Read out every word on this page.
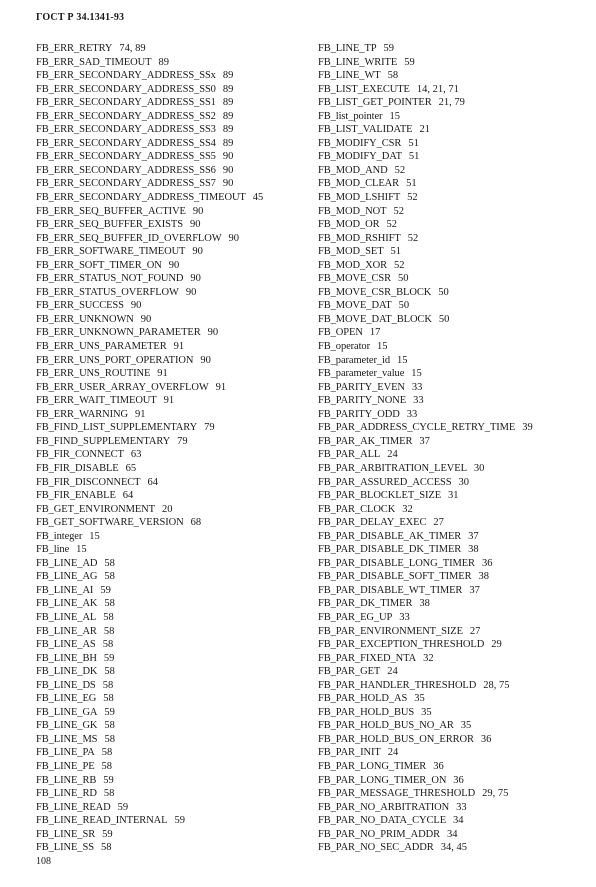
ГОСТ Р 34.1341-93
FB_ERR_RETRY 74, 89
FB_ERR_SAD_TIMEOUT 89
FB_ERR_SECONDARY_ADDRESS_SSx 89
FB_ERR_SECONDARY_ADDRESS_SS0 89
FB_ERR_SECONDARY_ADDRESS_SS1 89
FB_ERR_SECONDARY_ADDRESS_SS2 89
FB_ERR_SECONDARY_ADDRESS_SS3 89
FB_ERR_SECONDARY_ADDRESS_SS4 89
FB_ERR_SECONDARY_ADDRESS_SS5 90
FB_ERR_SECONDARY_ADDRESS_SS6 90
FB_ERR_SECONDARY_ADDRESS_SS7 90
FB_ERR_SECONDARY_ADDRESS_TIMEOUT 45
FB_ERR_SEQ_BUFFER_ACTIVE 90
FB_ERR_SEQ_BUFFER_EXISTS 90
FB_ERR_SEQ_BUFFER_ID_OVERFLOW 90
FB_ERR_SOFTWARE_TIMEOUT 90
FB_ERR_SOFT_TIMER_ON 90
FB_ERR_STATUS_NOT_FOUND 90
FB_ERR_STATUS_OVERFLOW 90
FB_ERR_SUCCESS 90
FB_ERR_UNKNOWN 90
FB_ERR_UNKNOWN_PARAMETER 90
FB_ERR_UNS_PARAMETER 91
FB_ERR_UNS_PORT_OPERATION 90
FB_ERR_UNS_ROUTINE 91
FB_ERR_USER_ARRAY_OVERFLOW 91
FB_ERR_WAIT_TIMEOUT 91
FB_ERR_WARNING 91
FB_FIND_LIST_SUPPLEMENTARY 79
FB_FIND_SUPPLEMENTARY 79
FB_FIR_CONNECT 63
FB_FIR_DISABLE 65
FB_FIR_DISCONNECT 64
FB_FIR_ENABLE 64
FB_GET_ENVIRONMENT 20
FB_GET_SOFTWARE_VERSION 68
FB_integer 15
FB_line 15
FB_LINE_AD 58
FB_LINE_AG 58
FB_LINE_AI 59
FB_LINE_AK 58
FB_LINE_AL 58
FB_LINE_AR 58
FB_LINE_AS 58
FB_LINE_BH 59
FB_LINE_DK 58
FB_LINE_DS 58
FB_LINE_EG 58
FB_LINE_GA 59
FB_LINE_GK 58
FB_LINE_MS 58
FB_LINE_PA 58
FB_LINE_PE 58
FB_LINE_RB 59
FB_LINE_RD 58
FB_LINE_READ 59
FB_LINE_READ_INTERNAL 59
FB_LINE_SR 59
FB_LINE_SS 58
FB_LINE_TP 59
FB_LINE_WRITE 59
FB_LINE_WT 58
FB_LIST_EXECUTE 14, 21, 71
FB_LIST_GET_POINTER 21, 79
FB_list_pointer 15
FB_LIST_VALIDATE 21
FB_MODIFY_CSR 51
FB_MODIFY_DAT 51
FB_MOD_AND 52
FB_MOD_CLEAR 51
FB_MOD_LSHIFT 52
FB_MOD_NOT 52
FB_MOD_OR 52
FB_MOD_RSHIFT 52
FB_MOD_SET 51
FB_MOD_XOR 52
FB_MOVE_CSR 50
FB_MOVE_CSR_BLOCK 50
FB_MOVE_DAT 50
FB_MOVE_DAT_BLOCK 50
FB_OPEN 17
FB_operator 15
FB_parameter_id 15
FB_parameter_value 15
FB_PARITY_EVEN 33
FB_PARITY_NONE 33
FB_PARITY_ODD 33
FB_PAR_ADDRESS_CYCLE_RETRY_TIME 39
FB_PAR_AK_TIMER 37
FB_PAR_ALL 24
FB_PAR_ARBITRATION_LEVEL 30
FB_PAR_ASSURED_ACCESS 30
FB_PAR_BLOCKLET_SIZE 31
FB_PAR_CLOCK 32
FB_PAR_DELAY_EXEC 27
FB_PAR_DISABLE_AK_TIMER 37
FB_PAR_DISABLE_DK_TIMER 38
FB_PAR_DISABLE_LONG_TIMER 36
FB_PAR_DISABLE_SOFT_TIMER 38
FB_PAR_DISABLE_WT_TIMER 37
FB_PAR_DK_TIMER 38
FB_PAR_EG_UP 33
FB_PAR_ENVIRONMENT_SIZE 27
FB_PAR_EXCEPTION_THRESHOLD 29
FB_PAR_FIXED_NTA 32
FB_PAR_GET 24
FB_PAR_HANDLER_THRESHOLD 28, 75
FB_PAR_HOLD_AS 35
FB_PAR_HOLD_BUS 35
FB_PAR_HOLD_BUS_NO_AR 35
FB_PAR_HOLD_BUS_ON_ERROR 36
FB_PAR_INIT 24
FB_PAR_LONG_TIMER 36
FB_PAR_LONG_TIMER_ON 36
FB_PAR_MESSAGE_THRESHOLD 29, 75
FB_PAR_NO_ARBITRATION 33
FB_PAR_NO_DATA_CYCLE 34
FB_PAR_NO_PRIM_ADDR 34
FB_PAR_NO_SEC_ADDR 34, 45
108
